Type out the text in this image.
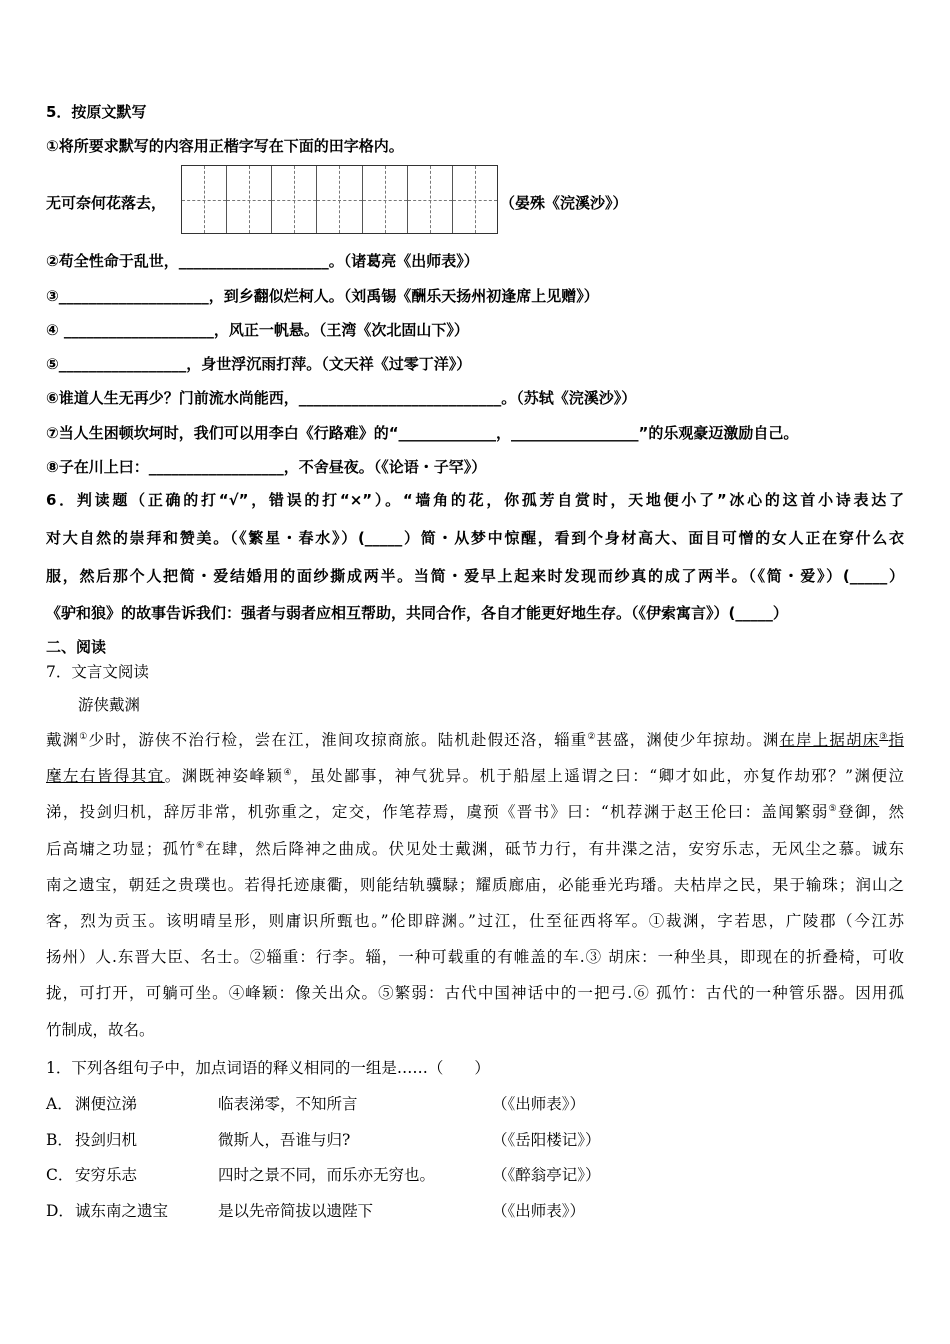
5．按原文默写
①将所要求默写的内容用正楷字写在下面的田字格内。
无可奈何花落去，	（晏殊《浣溪沙》）
②苟全性命于乱世，____________________。（诸葛亮《出师表》）
③____________________，到乡翻似烂柯人。（刘禹锡《酬乐天扬州初逢席上见赠》）
④ ____________________，风正一帆悬。（王湾《次北固山下》）
⑤_________________，身世浮沉雨打萍。（文天祥《过零丁洋》）
⑥谁道人生无再少？门前流水尚能西，___________________________。（苏轼《浣溪沙》）
⑦当人生困顿坎坷时，我们可以用李白《行路难》的“_____________，_________________”的乐观豪迈激励自己。
⑧子在川上曰：__________________，不舍昼夜。（《论语・子罕》）
6．判读题（正确的打“√”，错误的打“×”）。“墙角的花，你孤芳自赏时，天地便小了”冰心的这首小诗表达了
对大自然的崇拜和赞美。（《繁星・春水》）(_____）简・从梦中惊醒，看到个身材高大、面目可憎的女人正在穿什么衣
服，然后那个人把简・爱结婚用的面纱撕成两半。当简・爱早上起来时发现而纱真的成了两半。（《简・爱》）(_____）
《驴和狼》的故事告诉我们：强者与弱者应相互帮助，共同合作，各自才能更好地生存。（《伊索寓言》）(_____）
二、阅读
7．文言文阅读
游侠戴渊
戴渊①少时，游侠不治行检，尝在江，淮间攻掠商旅。陆机赴假还洛，辎重②甚盛，渊使少年掠劫。渊在岸上据胡床③指
麾左右皆得其宜。渊既神姿峰颖④，虽处鄙事，神气犹异。机于船屋上遥谓之曰：“卿才如此，亦复作劫邪？”渊便泣
涕，投剑归机，辞厉非常，机弥重之，定交，作笔荐焉，虞预《晋书》曰：“机荐渊于赵王伦曰：盖闻繁弱⑤登御，然
后高墉之功显；孤竹⑥在肆，然后降神之曲成。伏见处士戴渊，砥节力行，有井渫之洁，安穷乐志，无风尘之慕。诚东
南之遗宝，朝廷之贵璞也。若得托迹康衢，则能结轨骥騄；耀质廊庙，必能垂光玙璠。夫枯岸之民，果于输珠；润山之
客，烈为贡玉。该明晴呈形，则庸识所甄也。”伦即辟渊。”过江，仕至征西将军。①裁渊，字若思，广陵郡（今江苏
扬州）人.东晋大臣、名士。②辎重：行李。辎，一种可载重的有帷盖的车.③ 胡床：一种坐具，即现在的折叠椅，可收
拢，可打开，可躺可坐。④峰颖：像关出众。⑤繁弱：古代中国神话中的一把弓.⑥ 孤竹：古代的一种管乐器。因用孤
竹制成，故名。
1．下列各组句子中，加点词语的释义相同的一组是……（　　）
A． 渊便泣涕	临表涕零，不知所言	（《出师表》）
B． 投剑归机	微斯人，吾谁与归?	（《岳阳楼记》）
C． 安穷乐志	四时之景不同，而乐亦无穷也。	（《醉翁亭记》）
D． 诚东南之遗宝	是以先帝简拔以遗陛下	（《出师表》）
